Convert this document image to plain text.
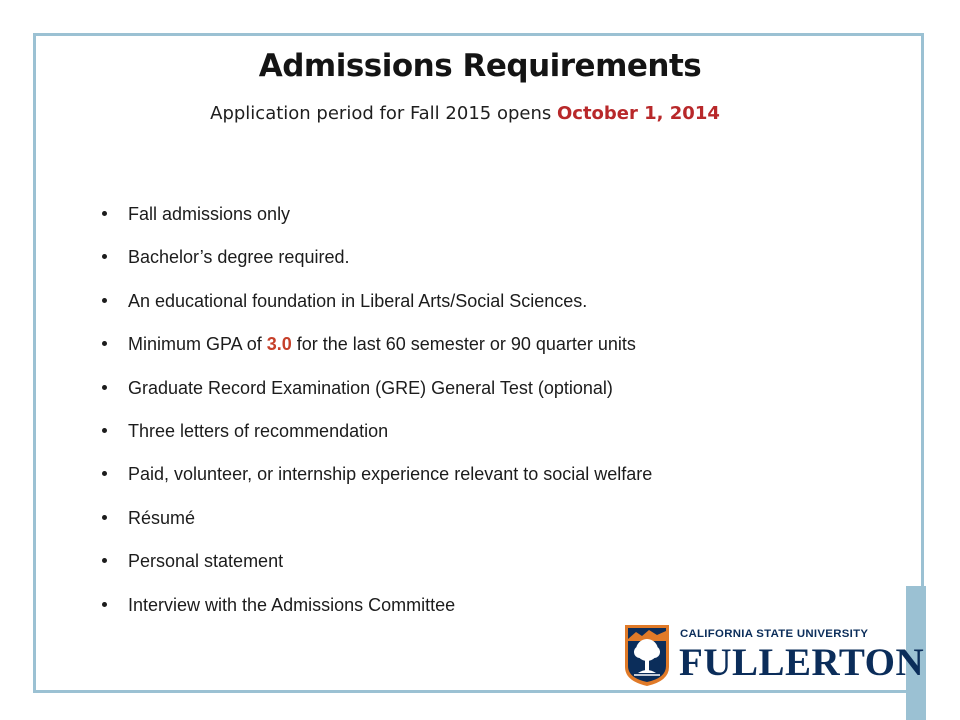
Admissions Requirements
Application period for Fall 2015 opens October 1, 2014
Fall admissions only
Bachelor’s degree required.
An educational foundation in Liberal Arts/Social Sciences.
Minimum GPA of 3.0 for the last 60 semester or 90 quarter units
Graduate Record Examination (GRE) General Test (optional)
Three letters of recommendation
Paid, volunteer, or internship experience relevant to social welfare
Résumé
Personal statement
Interview with the Admissions Committee
CALIFORNIA STATE UNIVERSITY
FULLERTON
